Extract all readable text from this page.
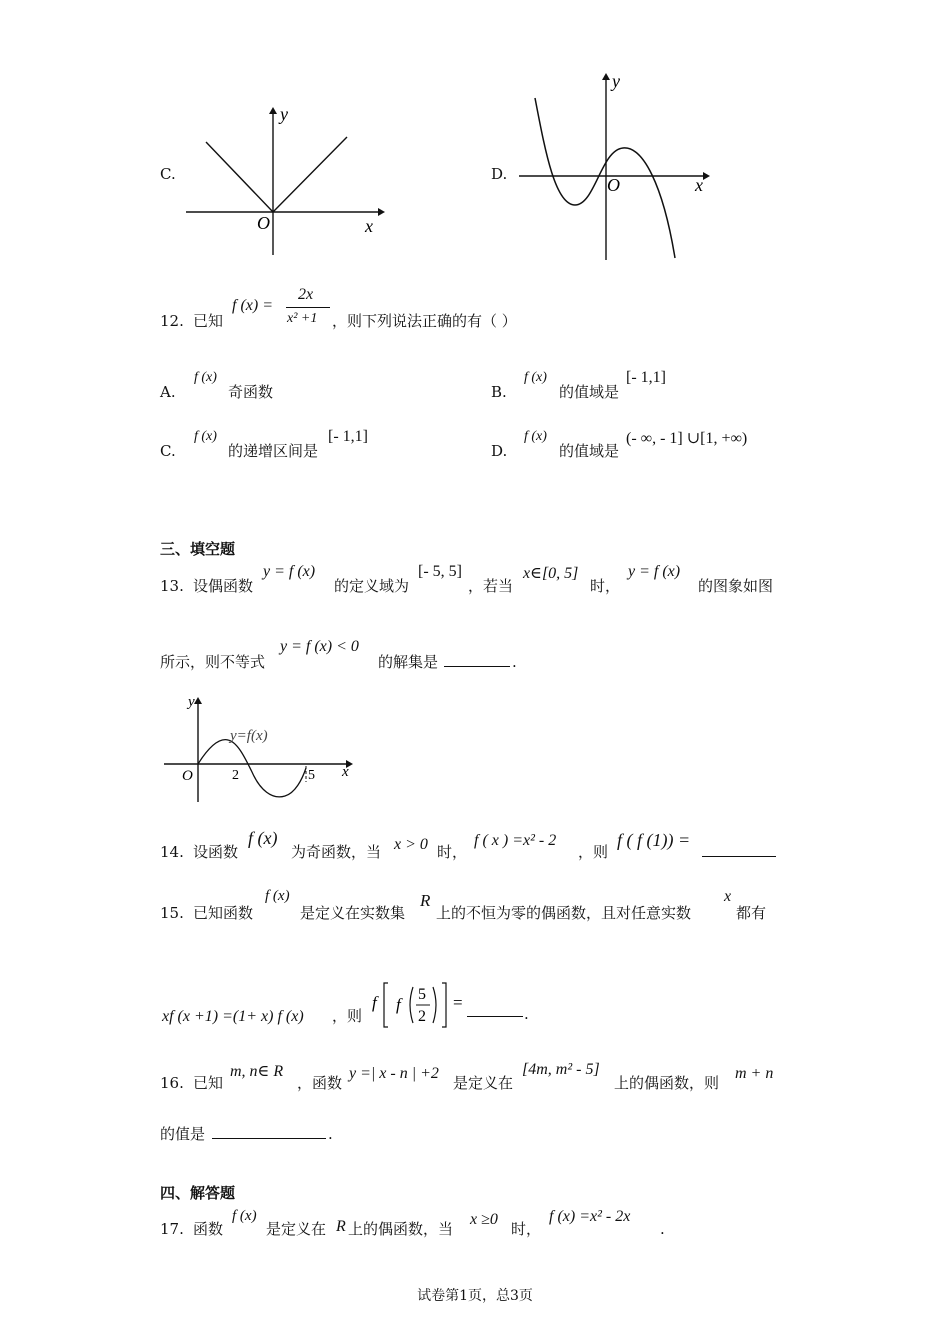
C.
y
x
O
D.
y
x
O
12. 已知
f (x) =
2x
x² +1 ，则下列说法正确的有（ ）
A.
f (x)
奇函数	B.
f (x)
的值域是
[- 1,1]
C.
f (x)
的递增区间是
[- 1,1]
D.
f (x)
的值域是
(- ∞, - 1] ∪[1, +∞)
三、填空题
13. 设偶函数
y = f (x)
的定义域为
[- 5, 5]
，若当
x∈[0, 5]
时，
y = f (x)
的图象如图
所示，则不等式
y = f (x) < 0
的解集是	.
y
x
O	2	5
y=f(x)
14. 设函数
f (x)
为奇函数，当 x > 0 时，
f ( x ) =x² - 2
，则
f ( f (1)) =
15. 已知函数
f (x)
是定义在实数集
R
上的不恒为零的偶函数，且对任意实数
x
都有
xf (x +1) =(1+ x) f (x) ，则
f f
5
2
=
.
16. 已知
m, n∈ R
，函数
y =| x - n | +2
是定义在
[4m, m² - 5]
上的偶函数，则
m + n
的值是	.
四、解答题
17. 函数
f (x)
是定义在 R 上的偶函数，当
x ≥0
时，
f (x) =x² - 2x
.
试卷第1页，总3页
